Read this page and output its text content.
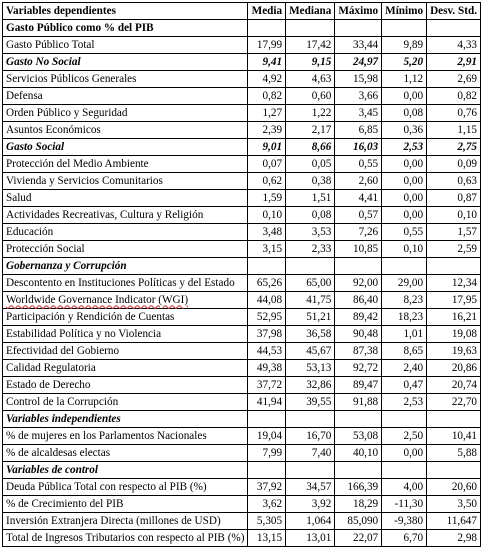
Variables dependientes	Media	Mediana	Máximo	Mínimo	Desv. Std.
Gasto Público como % del PIB					
Gasto Público Total	17,99	17,42	33,44	9,89	4,33
Gasto No Social	9,41	9,15	24,97	5,20	2,91
Servicios Públicos Generales	4,92	4,63	15,98	1,12	2,69
Defensa	0,82	0,60	3,66	0,00	0,82
Orden Público y Seguridad	1,27	1,22	3,45	0,08	0,76
Asuntos Económicos	2,39	2,17	6,85	0,36	1,15
Gasto Social	9,01	8,66	16,03	2,53	2,75
Protección del Medio Ambiente	0,07	0,05	0,55	0,00	0,09
Vivienda y Servicios Comunitarios	0,62	0,38	2,60	0,00	0,63
Salud	1,59	1,51	4,41	0,00	0,87
Actividades Recreativas, Cultura y Religión	0,10	0,08	0,57	0,00	0,10
Educación	3,48	3,53	7,26	0,55	1,57
Protección Social	3,15	2,33	10,85	0,10	2,59
Gobernanza y Corrupción					
Descontento en Instituciones Políticas y del Estado	65,26	65,00	92,00	29,00	12,34
Worldwide Governance Indicator (WGI)	44,08	41,75	86,40	8,23	17,95
Participación y Rendición de Cuentas	52,95	51,21	89,42	18,23	16,21
Estabilidad Política y no Violencia	37,98	36,58	90,48	1,01	19,08
Efectividad del Gobierno	44,53	45,67	87,38	8,65	19,63
Calidad Regulatoria	49,38	53,13	92,72	2,40	20,86
Estado de Derecho	37,72	32,86	89,47	0,47	20,74
Control de la Corrupción	41,94	39,55	91,88	2,53	22,70
Variables independientes					
% de mujeres en los Parlamentos Nacionales	19,04	16,70	53,08	2,50	10,41
% de alcaldesas electas	7,99	7,40	40,10	0,00	5,88
Variables de control					
Deuda Pública Total con respecto al PIB (%)	37,92	34,57	166,39	4,00	20,60
% de Crecimiento del PIB	3,62	3,92	18,29	-11,30	3,50
Inversión Extranjera Directa (millones de USD)	5,305	1,064	85,090	-9,380	11,647
Total de Ingresos Tributarios con respecto al PIB (%)	13,15	13,01	22,07	6,70	2,98
